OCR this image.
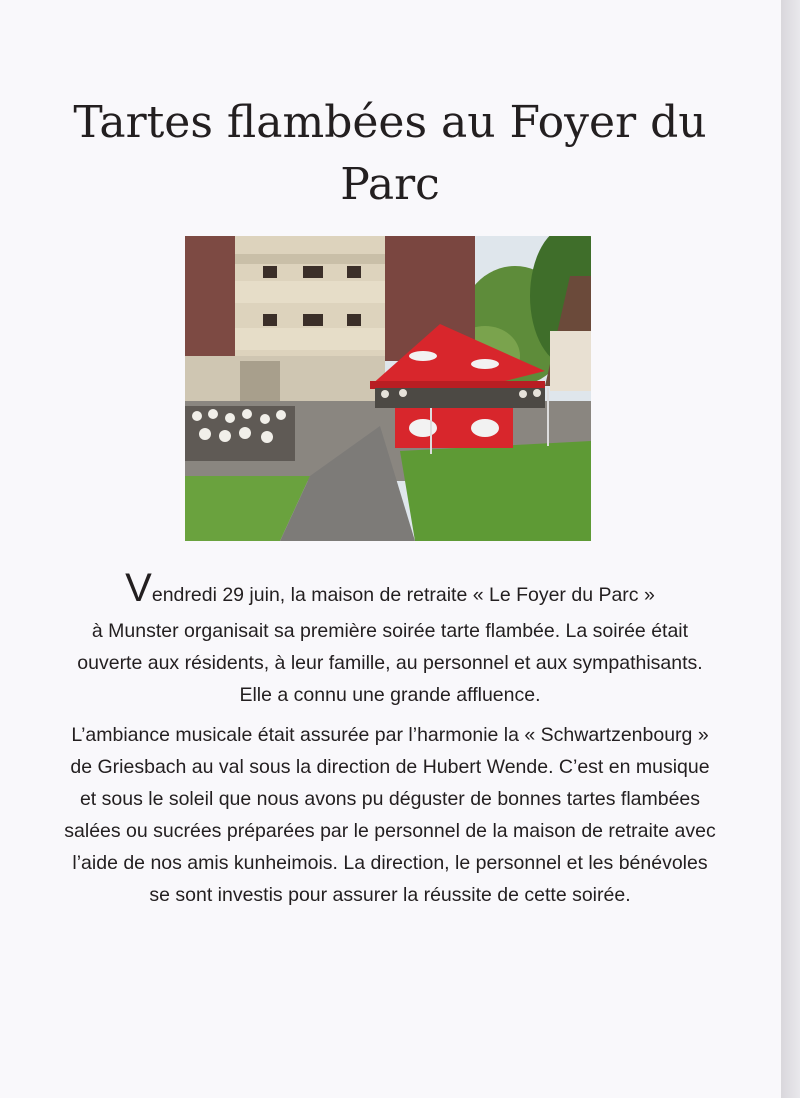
Tartes flambées au Foyer du Parc

Vendredi 29 juin, la maison de retraite « Le Foyer du Parc »
à Munster organisait sa première soirée tarte flambée. La soirée était ouverte aux résidents, à leur famille, au personnel et aux sympathisants. Elle a connu une grande affluence.

L’ambiance musicale était assurée par l’harmonie la « Schwartzenbourg » de Griesbach au val sous la direction de Hubert Wende. C’est en musique et sous le soleil que nous avons pu déguster de bonnes tartes flambées salées ou sucrées préparées par le personnel de la maison de retraite avec l’aide de nos amis kunheimois. La direction, le personnel et les bénévoles se sont investis pour assurer la réussite de cette soirée.
